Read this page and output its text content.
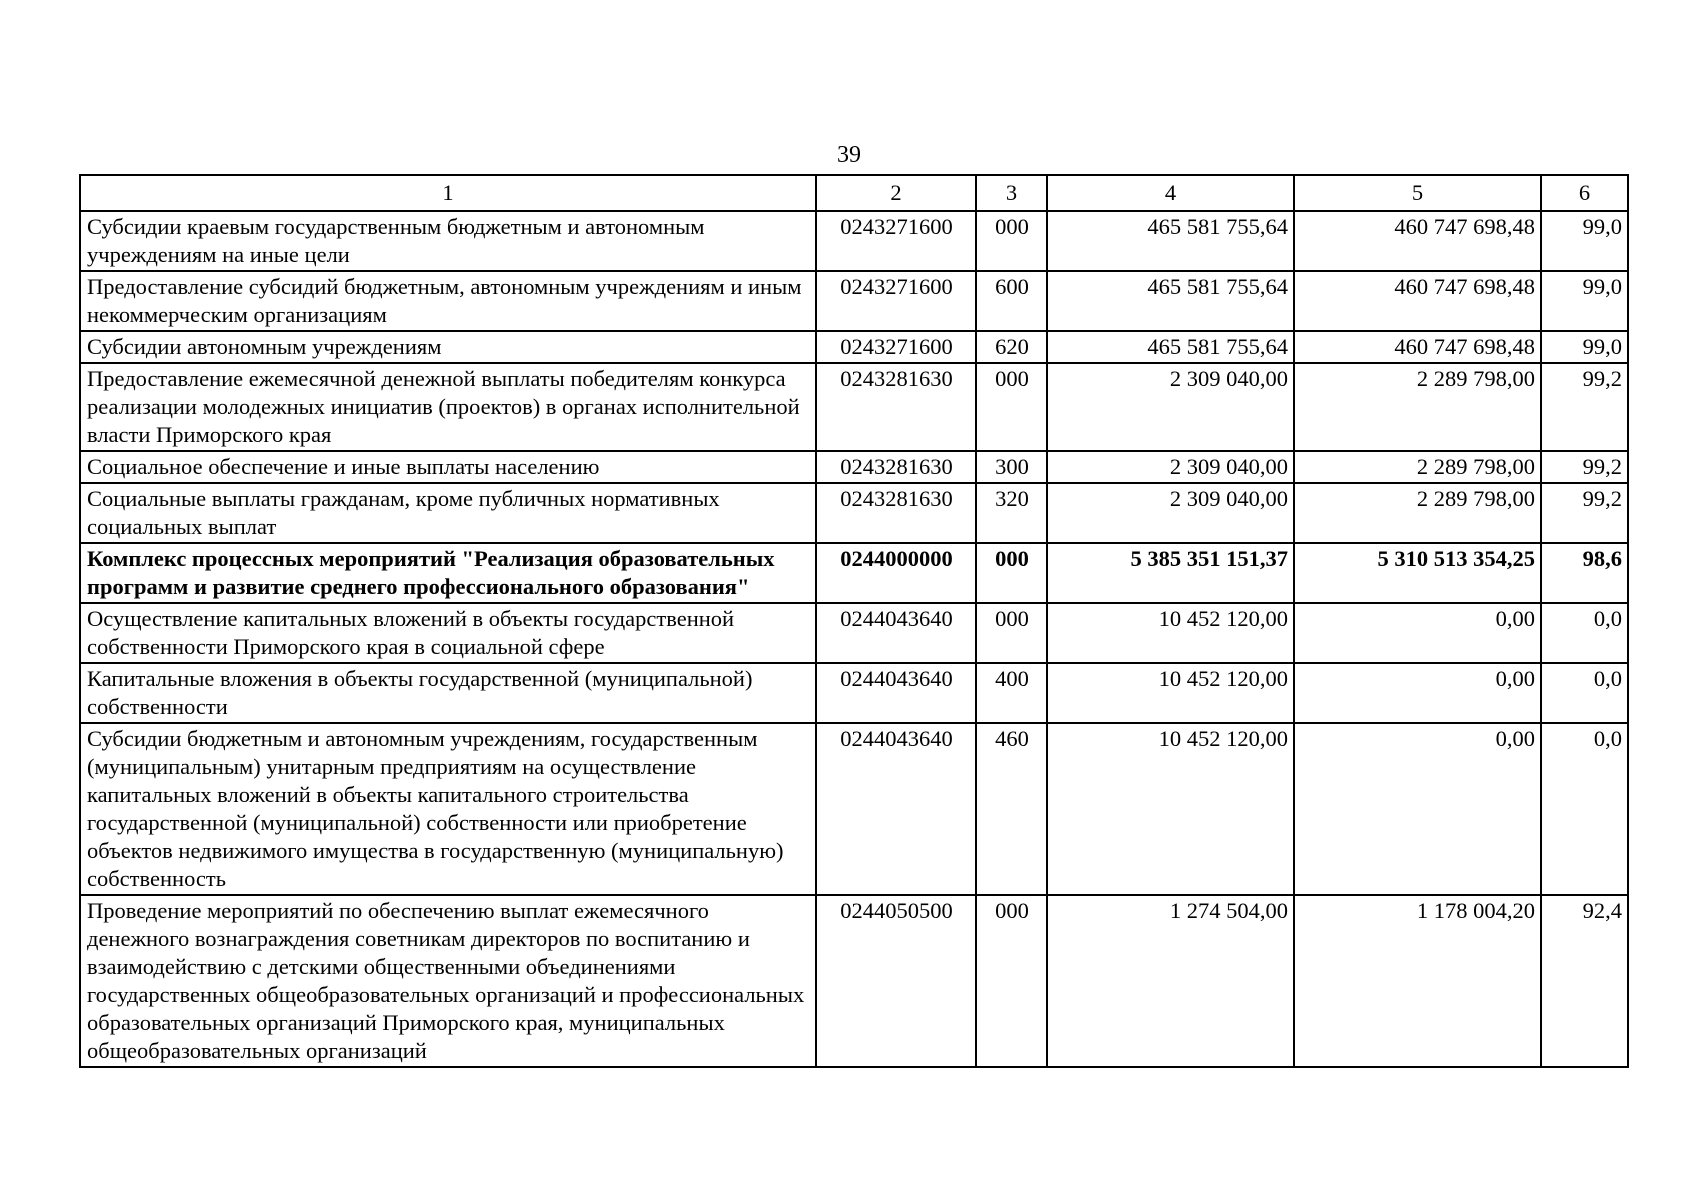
39
1	2	3	4	5	6
Субсидии краевым государственным бюджетным и автономным учреждениям на иные цели	0243271600	000	465 581 755,64	460 747 698,48	99,0
Предоставление субсидий бюджетным, автономным учреждениям и иным некоммерческим организациям	0243271600	600	465 581 755,64	460 747 698,48	99,0
Субсидии автономным учреждениям	0243271600	620	465 581 755,64	460 747 698,48	99,0
Предоставление ежемесячной денежной выплаты победителям конкурса реализации молодежных инициатив (проектов) в органах исполнительной власти Приморского края	0243281630	000	2 309 040,00	2 289 798,00	99,2
Социальное обеспечение и иные выплаты населению	0243281630	300	2 309 040,00	2 289 798,00	99,2
Социальные выплаты гражданам, кроме публичных нормативных социальных выплат	0243281630	320	2 309 040,00	2 289 798,00	99,2
Комплекс процессных мероприятий "Реализация образовательных программ и развитие среднего профессионального образования"	0244000000	000	5 385 351 151,37	5 310 513 354,25	98,6
Осуществление капитальных вложений в объекты государственной собственности Приморского края в социальной сфере	0244043640	000	10 452 120,00	0,00	0,0
Капитальные вложения в объекты государственной (муниципальной) собственности	0244043640	400	10 452 120,00	0,00	0,0
Субсидии бюджетным и автономным учреждениям, государственным (муниципальным) унитарным предприятиям на осуществление капитальных вложений в объекты капитального строительства государственной (муниципальной) собственности или приобретение объектов недвижимого имущества в государственную (муниципальную) собственность	0244043640	460	10 452 120,00	0,00	0,0
Проведение мероприятий по обеспечению выплат ежемесячного денежного вознаграждения советникам директоров по воспитанию и взаимодействию с детскими общественными объединениями государственных общеобразовательных организаций и профессиональных образовательных организаций Приморского края, муниципальных общеобразовательных организаций	0244050500	000	1 274 504,00	1 178 004,20	92,4
